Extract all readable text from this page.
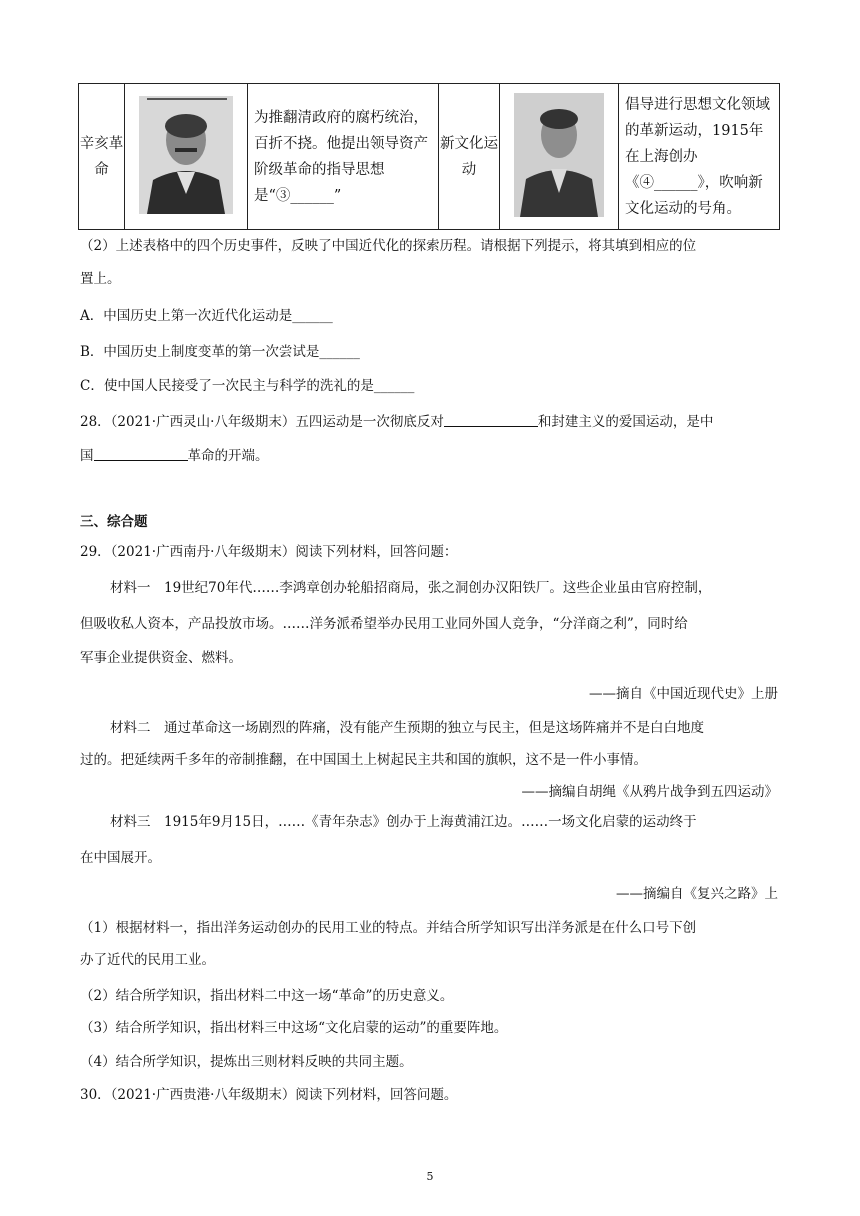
辛亥革命		为推翻清政府的腐朽统治，百折不挠。他提出领导资产阶级革命的指导思想是“③______”	新文化运动		倡导进行思想文化领域的革新运动，1915年在上海创办《④______》，吹响新文化运动的号角。
（2）上述表格中的四个历史事件，反映了中国近代化的探索历程。请根据下列提示，将其填到相应的位
置上。
A．中国历史上第一次近代化运动是______
B．中国历史上制度变革的第一次尝试是______
C．使中国人民接受了一次民主与科学的洗礼的是______
28．（2021·广西灵山·八年级期末）五四运动是一次彻底反对	和封建主义的爱国运动，是中
国	革命的开端。
三、综合题
29．（2021·广西南丹·八年级期末）阅读下列材料，回答问题：
材料一　19世纪70年代……李鸿章创办轮船招商局，张之洞创办汉阳铁厂。这些企业虽由官府控制，
但吸收私人资本，产品投放市场。……洋务派希望举办民用工业同外国人竞争，“分洋商之利”，同时给
军事企业提供资金、燃料。
——摘自《中国近现代史》上册
材料二　通过革命这一场剧烈的阵痛，没有能产生预期的独立与民主，但是这场阵痛并不是白白地度
过的。把延续两千多年的帝制推翻，在中国国土上树起民主共和国的旗帜，这不是一件小事情。
——摘编自胡绳《从鸦片战争到五四运动》
材料三　1915年9月15日，……《青年杂志》创办于上海黄浦江边。……一场文化启蒙的运动终于
在中国展开。
——摘编自《复兴之路》上
（1）根据材料一，指出洋务运动创办的民用工业的特点。并结合所学知识写出洋务派是在什么口号下创
办了近代的民用工业。
（2）结合所学知识，指出材料二中这一场“革命”的历史意义。
（3）结合所学知识，指出材料三中这场“文化启蒙的运动”的重要阵地。
（4）结合所学知识，提炼出三则材料反映的共同主题。
30．（2021·广西贵港·八年级期末）阅读下列材料，回答问题。
5
